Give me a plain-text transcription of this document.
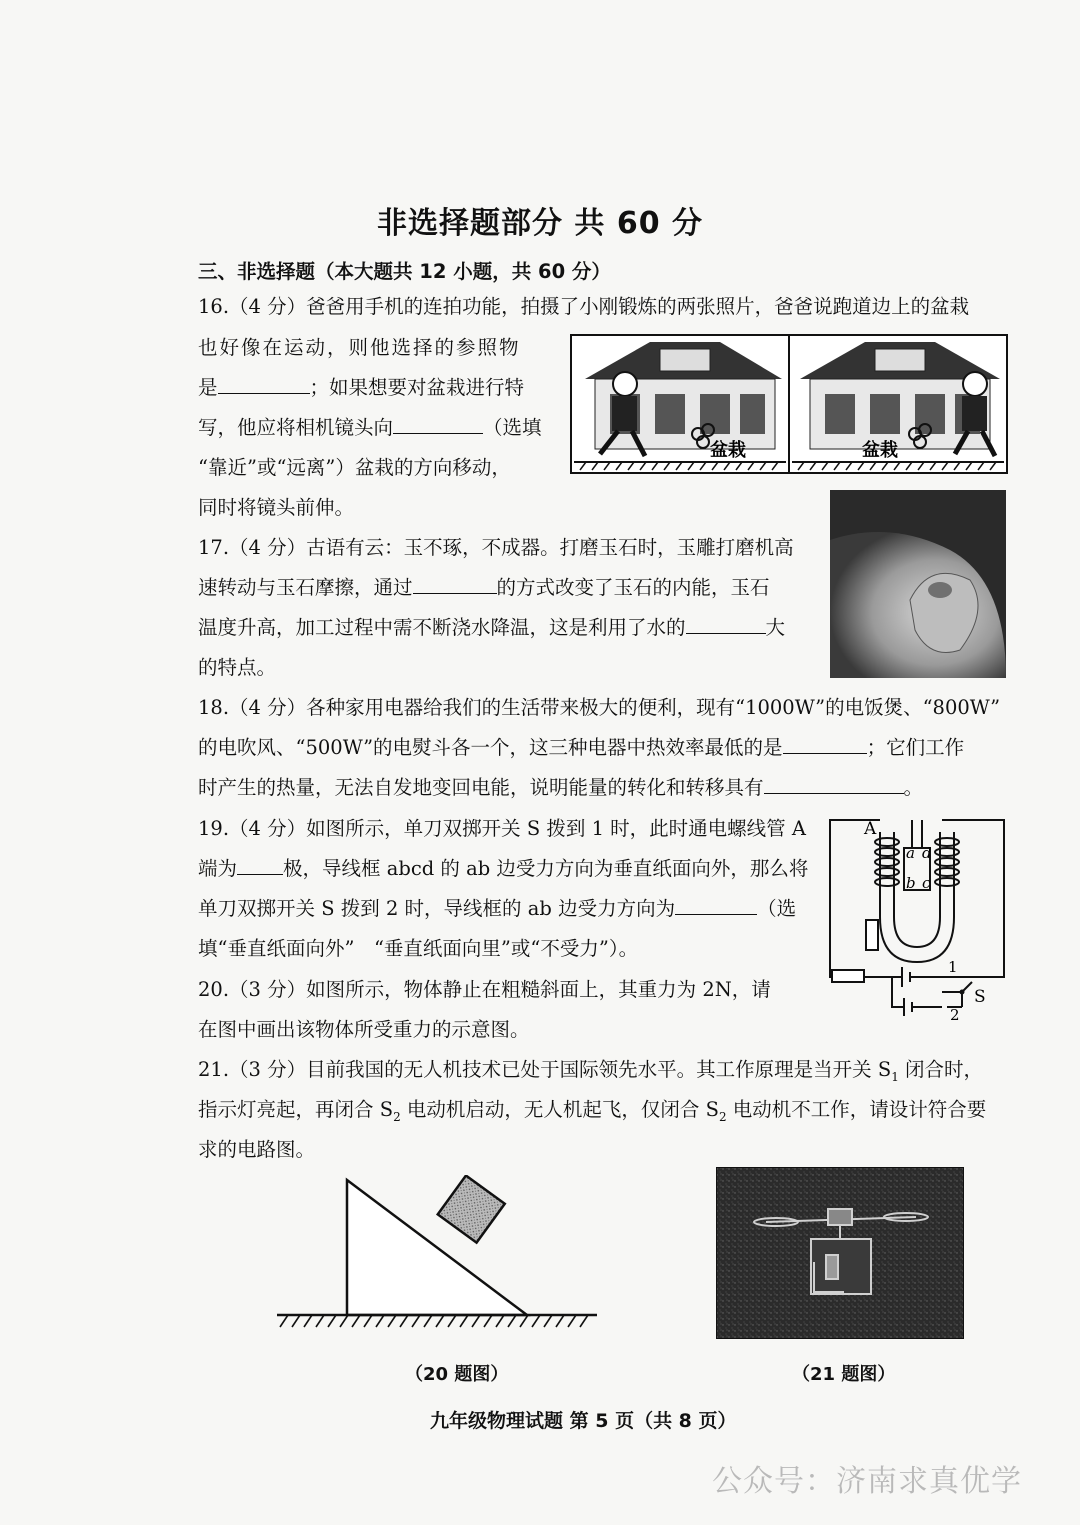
非选择题部分 共 60 分
三、非选择题（本大题共 12 小题，共 60 分）
16.（4 分）爸爸用手机的连拍功能，拍摄了小刚锻炼的两张照片，爸爸说跑道边上的盆栽
也好像在运动，则他选择的参照物
是	；如果想要对盆栽进行特
写，他应将相机镜头向	（选填
“靠近”或“远离”）盆栽的方向移动，
同时将镜头前伸。
盆栽	盆栽
17.（4 分）古语有云：玉不琢，不成器。打磨玉石时，玉雕打磨机高
速转动与玉石摩擦，通过	的方式改变了玉石的内能，玉石
温度升高，加工过程中需不断浇水降温，这是利用了水的	大
的特点。
18.（4 分）各种家用电器给我们的生活带来极大的便利，现有“1000W”的电饭煲、“800W”
的电吹风、“500W”的电熨斗各一个，这三种电器中热效率最低的是	；它们工作
时产生的热量，无法自发地变回电能，说明能量的转化和转移具有	。
19.（4 分）如图所示，单刀双掷开关 S 拨到 1 时，此时通电螺线管 A
端为 极，导线框 abcd 的 ab 边受力方向为垂直纸面向外，那么将
单刀双掷开关 S 拨到 2 时，导线框的 ab 边受力方向为	（选
填“垂直纸面向外”　“垂直纸面向里”或“不受力”）。
A
a d
b c
1
2
S
20.（3 分）如图所示，物体静止在粗糙斜面上，其重力为 2N，请
在图中画出该物体所受重力的示意图。
21.（3 分）目前我国的无人机技术已处于国际领先水平。其工作原理是当开关 $S_1$ 闭合时，
指示灯亮起，再闭合 $S_2$ 电动机启动，无人机起飞，仅闭合 $S_2$ 电动机不工作，请设计符合要
求的电路图。
（20 题图）	（21 题图）
九年级物理试题 第 5 页（共 8 页）
公众号：济南求真优学
